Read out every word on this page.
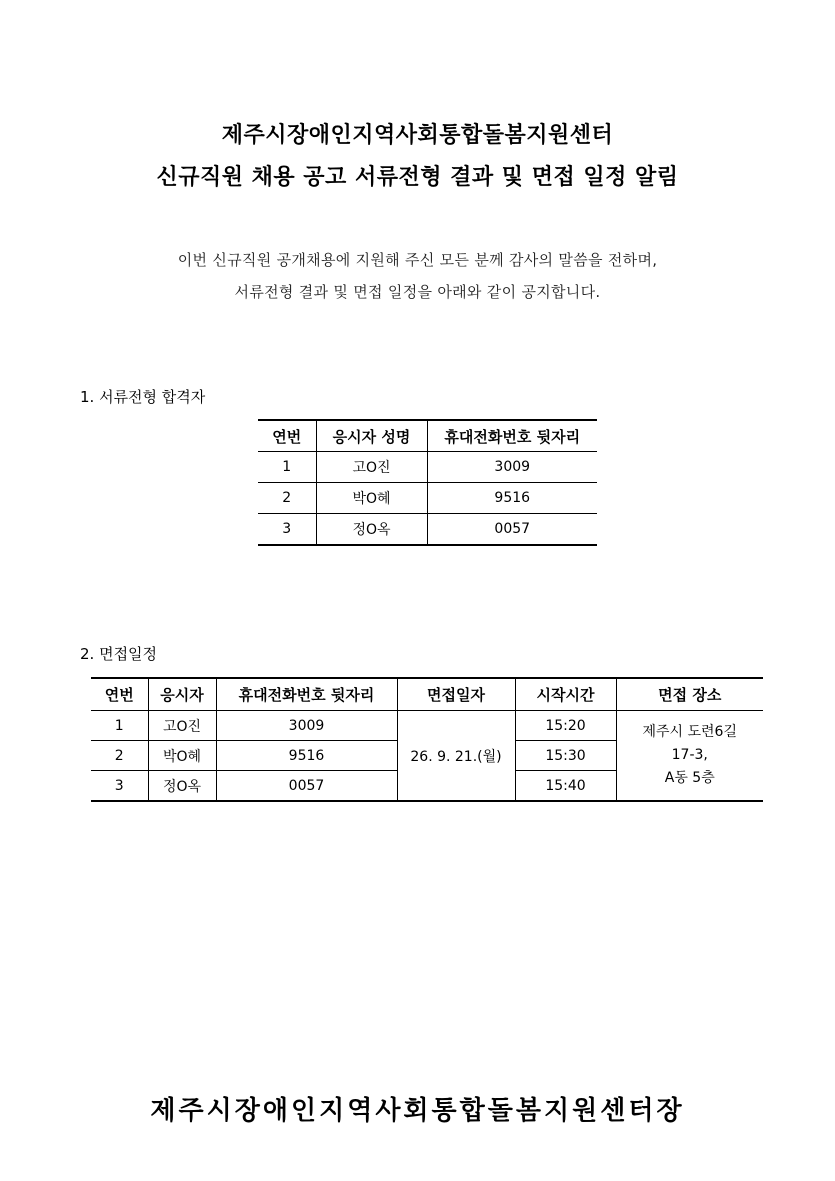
제주시장애인지역사회통합돌봄지원센터
신규직원 채용 공고 서류전형 결과 및 면접 일정 알림
이번 신규직원 공개채용에 지원해 주신 모든 분께 감사의 말씀을 전하며,
서류전형 결과 및 면접 일정을 아래와 같이 공지합니다.
1. 서류전형 합격자
연번	응시자 성명	휴대전화번호 뒷자리
1	고O진	3009
2	박O혜	9516
3	정O옥	0057
2. 면접일정
연번	응시자	휴대전화번호 뒷자리	면접일자	시작시간	면접 장소
1	고O진	3009	26. 9. 21.(월)	15:20	제주시 도련6길
17-3,
A동 5층

2	박O혜	9516		15:30	
3	정O옥	0057		15:40	
제주시장애인지역사회통합돌봄지원센터장
